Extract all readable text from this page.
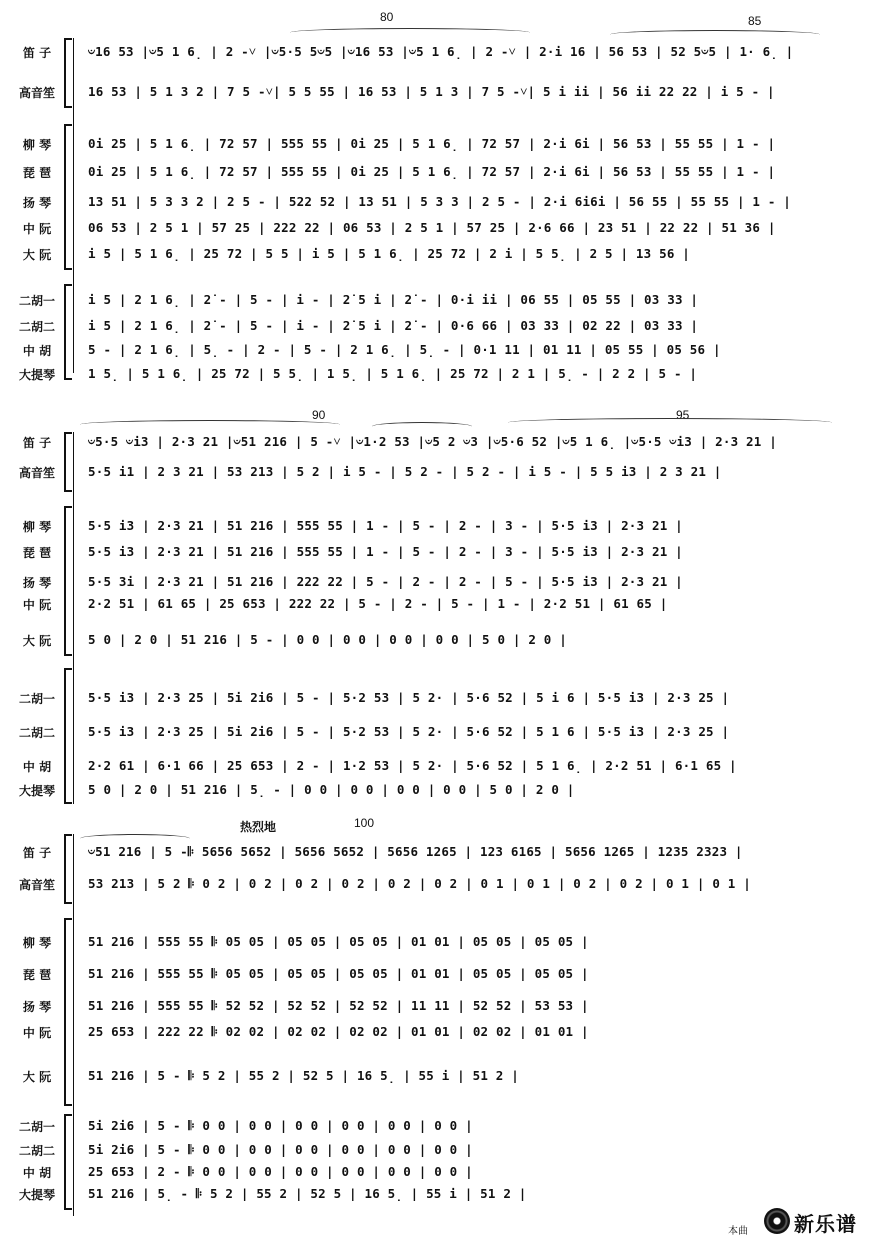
80	85
笛 子	𝄑16 53 |𝄑5 1 6̣ | 2 -˅ |𝄑5·5 5𝄑5 |𝄑16 53 |𝄑5 1 6̣ | 2 -˅ | 2·i 16 | 56 53 | 52 5𝄑5 | 1· 6̣ |
高音笙	16 53 | 5 1 3 2 | 7 5 -˅| 5 5 55 | 16 53 | 5 1 3 | 7 5 -˅| 5 i ii | 56 ii 22 22 | i 5 - |
柳 琴	0i 25 | 5 1 6̣ | 72 57 | 555 55 | 0i 25 | 5 1 6̣ | 72 57 | 2·i 6i | 56 53 | 55 55 | 1 - |
琵 琶	0i 25 | 5 1 6̣ | 72 57 | 555 55 | 0i 25 | 5 1 6̣ | 72 57 | 2·i 6i | 56 53 | 55 55 | 1 - |
扬 琴	13 51 | 5 3 3 2 | 2 5 - | 522 52 | 13 51 | 5 3 3 | 2 5 - | 2·i 6i6i | 56 55 | 55 55 | 1 - |
中 阮	06 53 | 2 5 1 | 57 25 | 222 22 | 06 53 | 2 5 1 | 57 25 | 2·6 66 | 23 51 | 22 22 | 51 36 |
大 阮	i 5 | 5 1 6̣ | 25 72 | 5 5 | i 5 | 5 1 6̣ | 25 72 | 2 i | 5 5̣ | 2 5 | 13 56 |
二胡一	i 5 | 2 1 6̣ | 2̇ - | 5 - | i - | 2̇ 5 i | 2̇ - | 0·i ii | 06 55 | 05 55 | 03 33 |
二胡二	i 5 | 2 1 6̣ | 2̇ - | 5 - | i - | 2̇ 5 i | 2̇ - | 0·6 66 | 03 33 | 02 22 | 03 33 |
中 胡	5 - | 2 1 6̣ | 5̣ - | 2 - | 5 - | 2 1 6̣ | 5̣ - | 0·1 11 | 01 11 | 05 55 | 05 56 |
大提琴	1 5̣ | 5 1 6̣ | 25 72 | 5 5̣ | 1 5̣ | 5 1 6̣ | 25 72 | 2 1 | 5̣ - | 2 2 | 5 - |
90	95
笛 子	𝄑5·5 𝄑i3 | 2·3 21 |𝄑51 216 | 5 -˅ |𝄑1·2 53 |𝄑5 2 𝄑3 |𝄑5·6 52 |𝄑5 1 6̣ |𝄑5·5 𝄑i3 | 2·3 21 |
高音笙	5·5 i1 | 2 3 21 | 53 213 | 5 2 | i 5 - | 5 2 - | 5 2 - | i 5 - | 5 5 i3 | 2 3 21 |
柳 琴	5·5 i3 | 2·3 21 | 51 216 | 555 55 | 1 - | 5 - | 2 - | 3 - | 5·5 i3 | 2·3 21 |
琵 琶	5·5 i3 | 2·3 21 | 51 216 | 555 55 | 1 - | 5 - | 2 - | 3 - | 5·5 i3 | 2·3 21 |
扬 琴	5·5 3i | 2·3 21 | 51 216 | 222 22 | 5 - | 2 - | 2 - | 5 - | 5·5 i3 | 2·3 21 |
中 阮	2·2 51 | 61 65 | 25 653 | 222 22 | 5 - | 2 - | 5 - | 1 - | 2·2 51 | 61 65 |
大 阮	5 0 | 2 0 | 51 216 | 5 - | 0 0 | 0 0 | 0 0 | 0 0 | 5 0 | 2 0 |
二胡一	5·5 i3 | 2·3 25 | 5i 2i6 | 5 - | 5·2 53 | 5 2· | 5·6 52 | 5 i 6 | 5·5 i3 | 2·3 25 |
二胡二	5·5 i3 | 2·3 25 | 5i 2i6 | 5 - | 5·2 53 | 5 2· | 5·6 52 | 5 1 6 | 5·5 i3 | 2·3 25 |
中 胡	2·2 61 | 6·1 66 | 25 653 | 2 - | 1·2 53 | 5 2· | 5·6 52 | 5 1 6̣ | 2·2 51 | 6·1 65 |
大提琴	5 0 | 2 0 | 51 216 | 5̣ - | 0 0 | 0 0 | 0 0 | 0 0 | 5 0 | 2 0 |
热烈地	100
笛 子	𝄑51 216 | 5 -𝄆 5656 5652 | 5656 5652 | 5656 1265 | 123 6165 | 5656 1265 | 1235 2323 |
高音笙	53 213 | 5 2 𝄆 0 2 | 0 2 | 0 2 | 0 2 | 0 2 | 0 2 | 0 1 | 0 1 | 0 2 | 0 2 | 0 1 | 0 1 |
柳 琴	51 216 | 555 55 𝄆 05 05 | 05 05 | 05 05 | 01 01 | 05 05 | 05 05 |
琵 琶	51 216 | 555 55 𝄆 05 05 | 05 05 | 05 05 | 01 01 | 05 05 | 05 05 |
扬 琴	51 216 | 555 55 𝄆 52 52 | 52 52 | 52 52 | 11 11 | 52 52 | 53 53 |
中 阮	25 653 | 222 22 𝄆 02 02 | 02 02 | 02 02 | 01 01 | 02 02 | 01 01 |
大 阮	51 216 | 5 - 𝄆 5 2 | 55 2 | 52 5 | 16 5̣ | 55 i | 51 2 |
二胡一	5i 2i6 | 5 - 𝄆 0 0 | 0 0 | 0 0 | 0 0 | 0 0 | 0 0 |
二胡二	5i 2i6 | 5 - 𝄆 0 0 | 0 0 | 0 0 | 0 0 | 0 0 | 0 0 |
中 胡	25 653 | 2 - 𝄆 0 0 | 0 0 | 0 0 | 0 0 | 0 0 | 0 0 |
大提琴	51 216 | 5̣ - 𝄆 5 2 | 55 2 | 52 5 | 16 5̣ | 55 i | 51 2 |
本曲 新乐谱
